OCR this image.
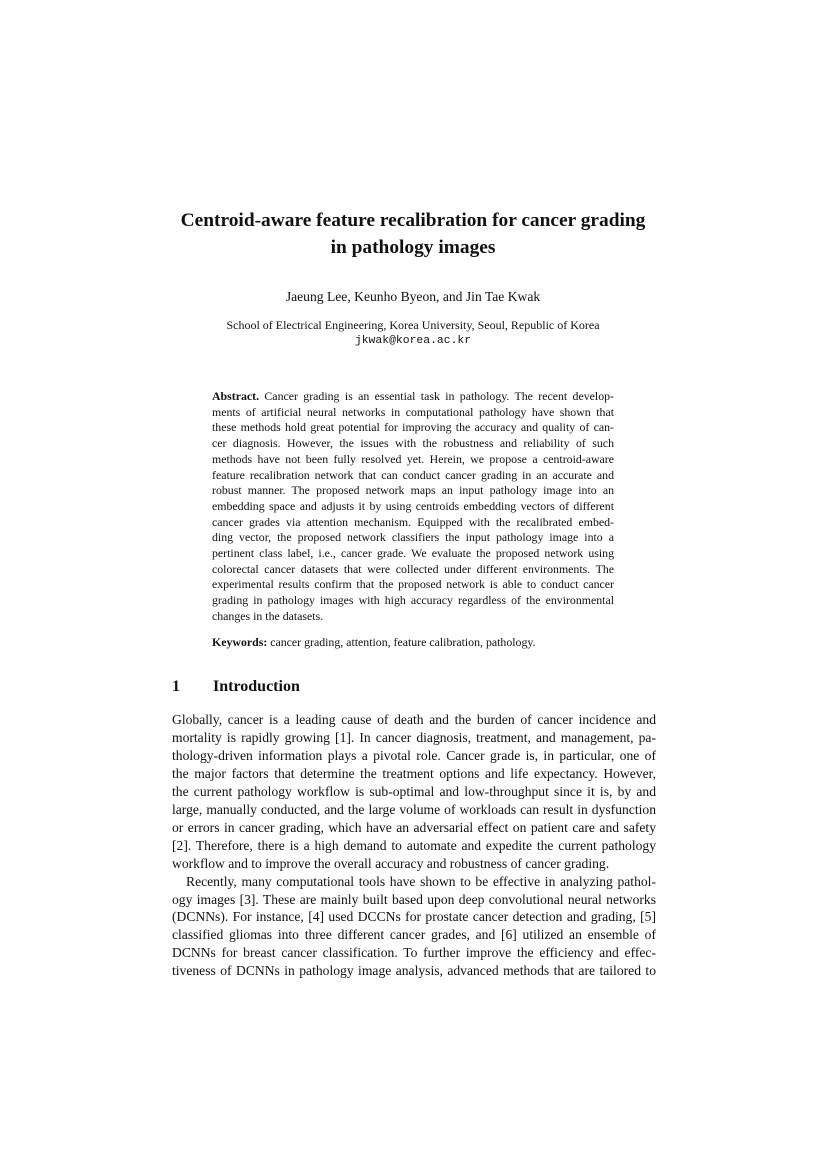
Centroid-aware feature recalibration for cancer grading
in pathology images
Jaeung Lee, Keunho Byeon, and Jin Tae Kwak
School of Electrical Engineering, Korea University, Seoul, Republic of Korea
jkwak@korea.ac.kr
Abstract. Cancer grading is an essential task in pathology. The recent develop-
ments of artificial neural networks in computational pathology have shown that
these methods hold great potential for improving the accuracy and quality of can-
cer diagnosis. However, the issues with the robustness and reliability of such
methods have not been fully resolved yet. Herein, we propose a centroid-aware
feature recalibration network that can conduct cancer grading in an accurate and
robust manner. The proposed network maps an input pathology image into an
embedding space and adjusts it by using centroids embedding vectors of different
cancer grades via attention mechanism. Equipped with the recalibrated embed-
ding vector, the proposed network classifiers the input pathology image into a
pertinent class label, i.e., cancer grade. We evaluate the proposed network using
colorectal cancer datasets that were collected under different environments. The
experimental results confirm that the proposed network is able to conduct cancer
grading in pathology images with high accuracy regardless of the environmental
changes in the datasets.
Keywords: cancer grading, attention, feature calibration, pathology.
1	Introduction
Globally, cancer is a leading cause of death and the burden of cancer incidence and
mortality is rapidly growing [1]. In cancer diagnosis, treatment, and management, pa-
thology-driven information plays a pivotal role. Cancer grade is, in particular, one of
the major factors that determine the treatment options and life expectancy. However,
the current pathology workflow is sub-optimal and low-throughput since it is, by and
large, manually conducted, and the large volume of workloads can result in dysfunction
or errors in cancer grading, which have an adversarial effect on patient care and safety
[2]. Therefore, there is a high demand to automate and expedite the current pathology
workflow and to improve the overall accuracy and robustness of cancer grading.
Recently, many computational tools have shown to be effective in analyzing pathol-
ogy images [3]. These are mainly built based upon deep convolutional neural networks
(DCNNs). For instance, [4] used DCCNs for prostate cancer detection and grading, [5]
classified gliomas into three different cancer grades, and [6] utilized an ensemble of
DCNNs for breast cancer classification. To further improve the efficiency and effec-
tiveness of DCNNs in pathology image analysis, advanced methods that are tailored to
